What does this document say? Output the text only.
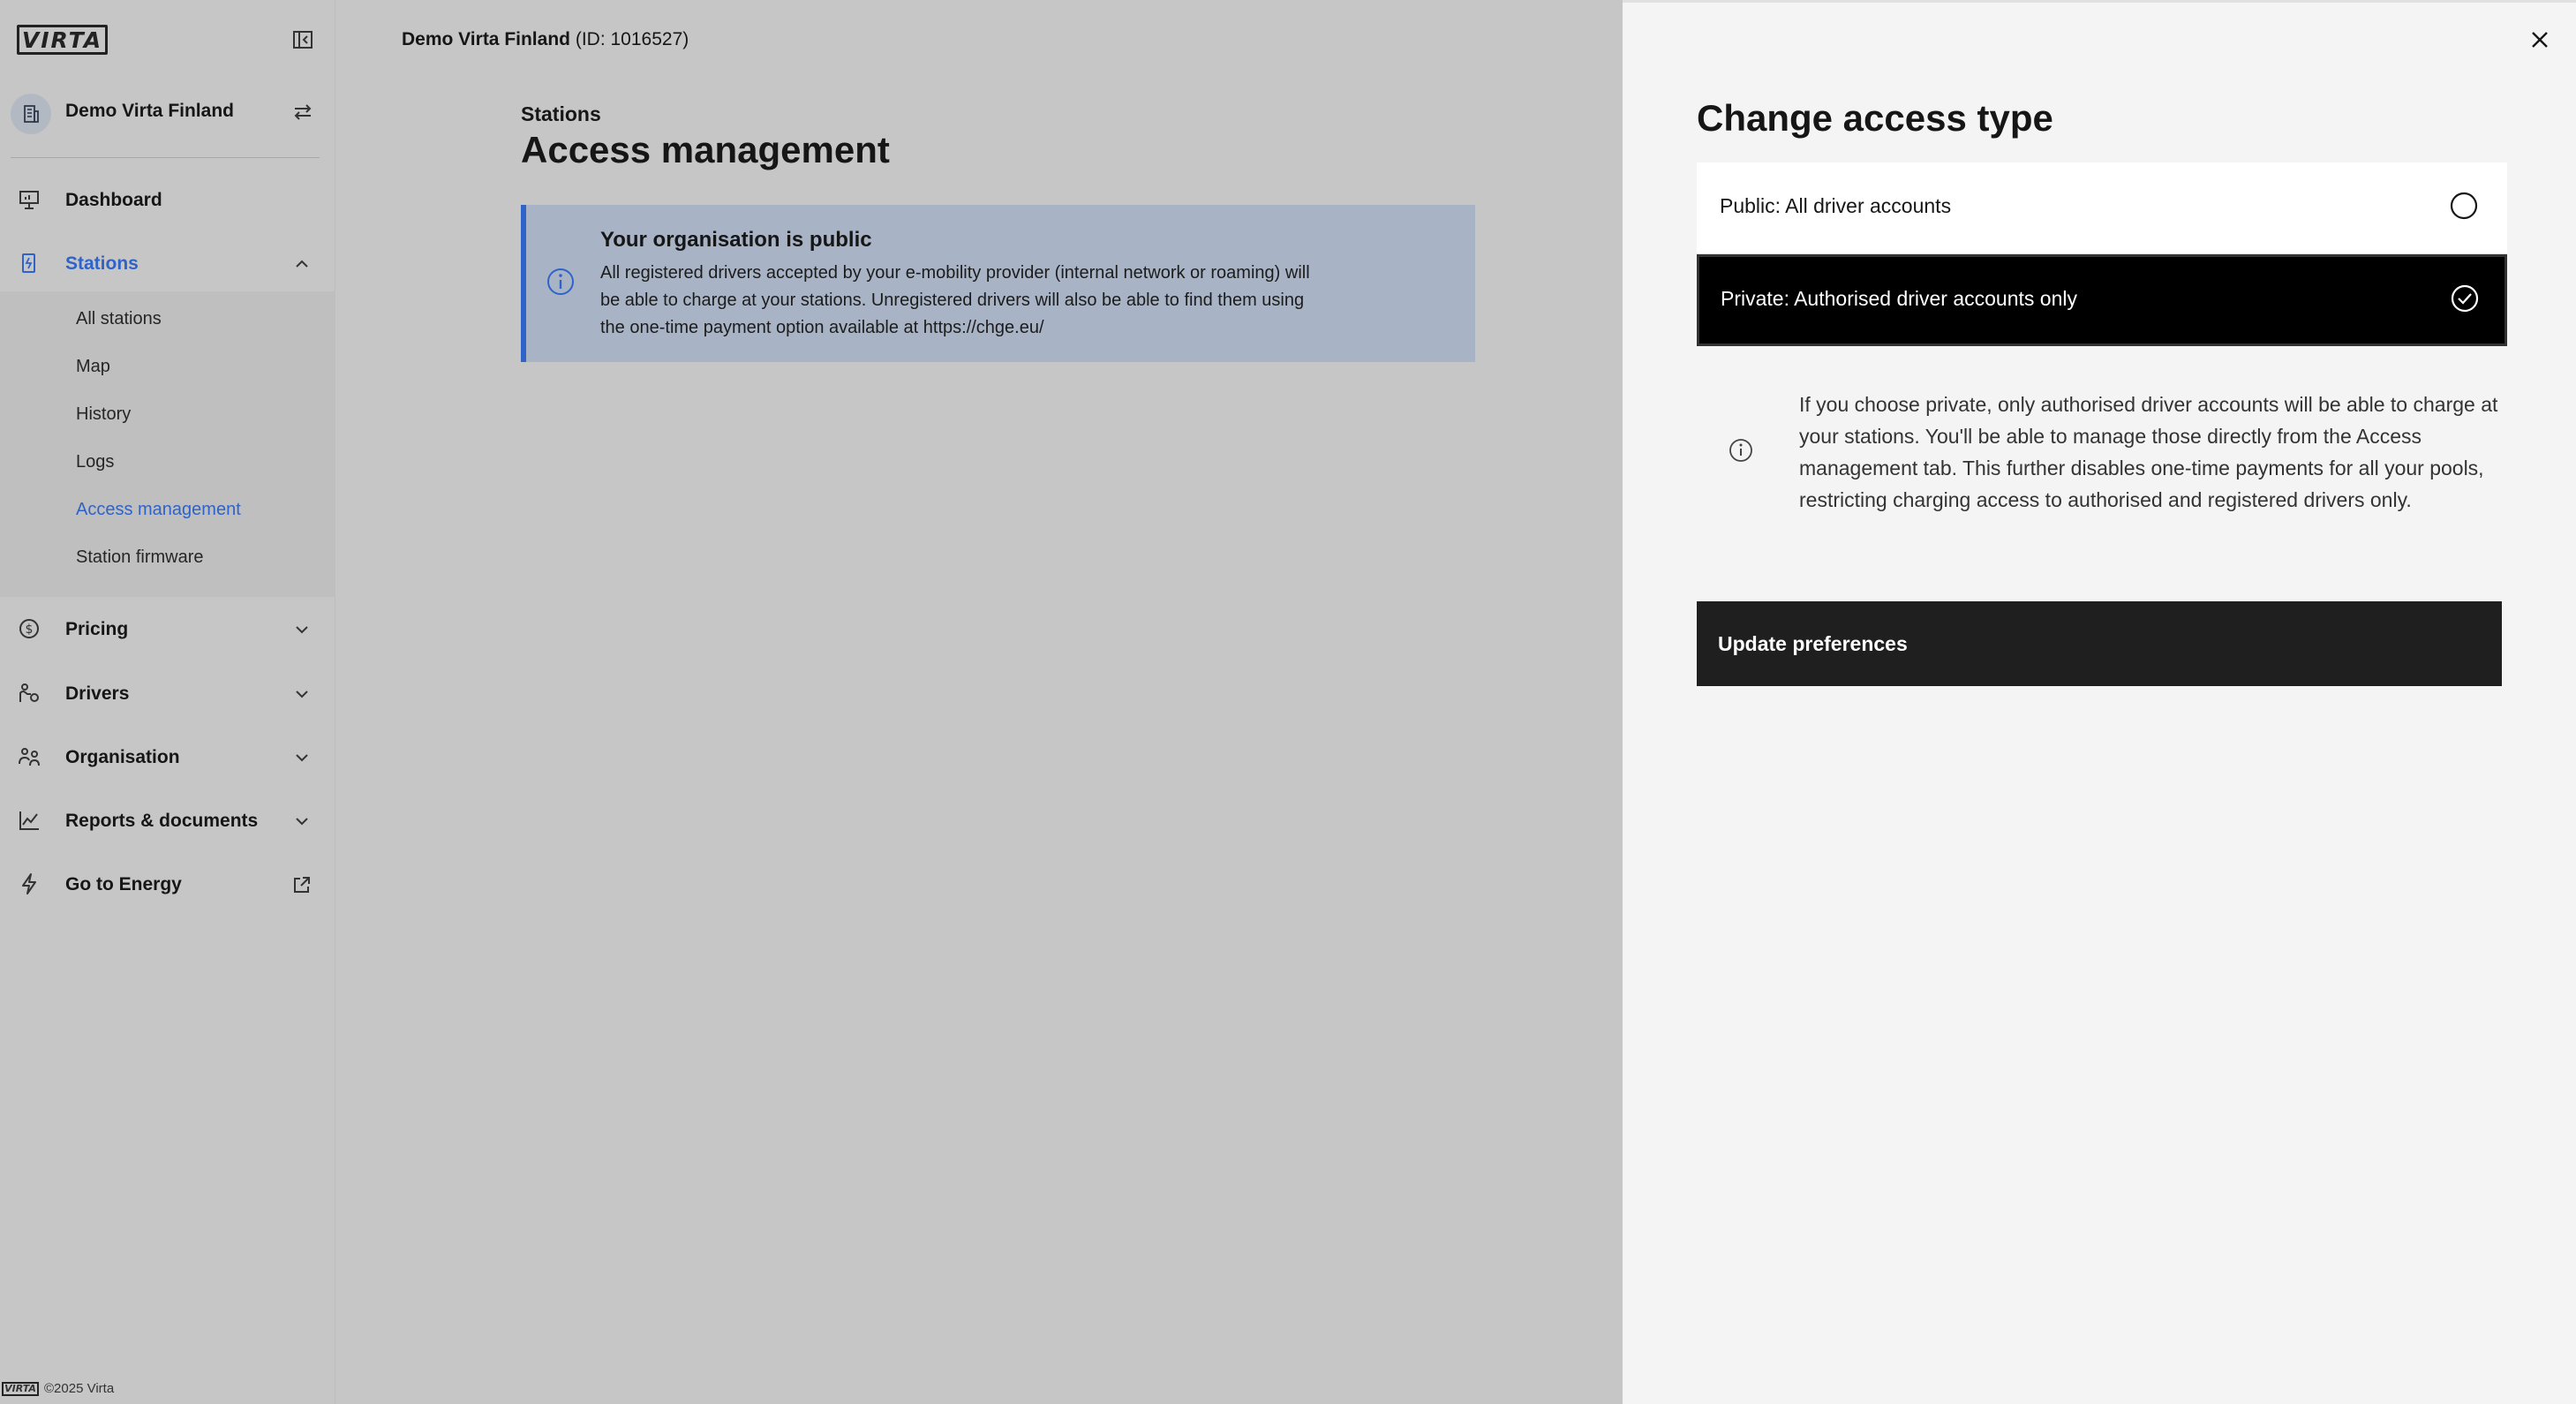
VIRTA
Demo Virta Finland
Dashboard
Stations
All stations
Map
History
Logs
Access management
Station firmware
$ Pricing
Drivers
Organisation
Reports & documents
Go to Energy
VIRTA ©2025 Virta
Demo Virta Finland (ID: 1016527)
Stations
Access management
Your organisation is public
All registered drivers accepted by your e-mobility provider (internal network or roaming) will be able to charge at your stations. Unregistered drivers will also be able to find them using the one-time payment option available at https://chge.eu/
Change access type
Public: All driver accounts
Private: Authorised driver accounts only
If you choose private, only authorised driver accounts will be able to charge at your stations. You'll be able to manage those directly from the Access management tab. This further disables one-time payments for all your pools, restricting charging access to authorised and registered drivers only.
Update preferences
